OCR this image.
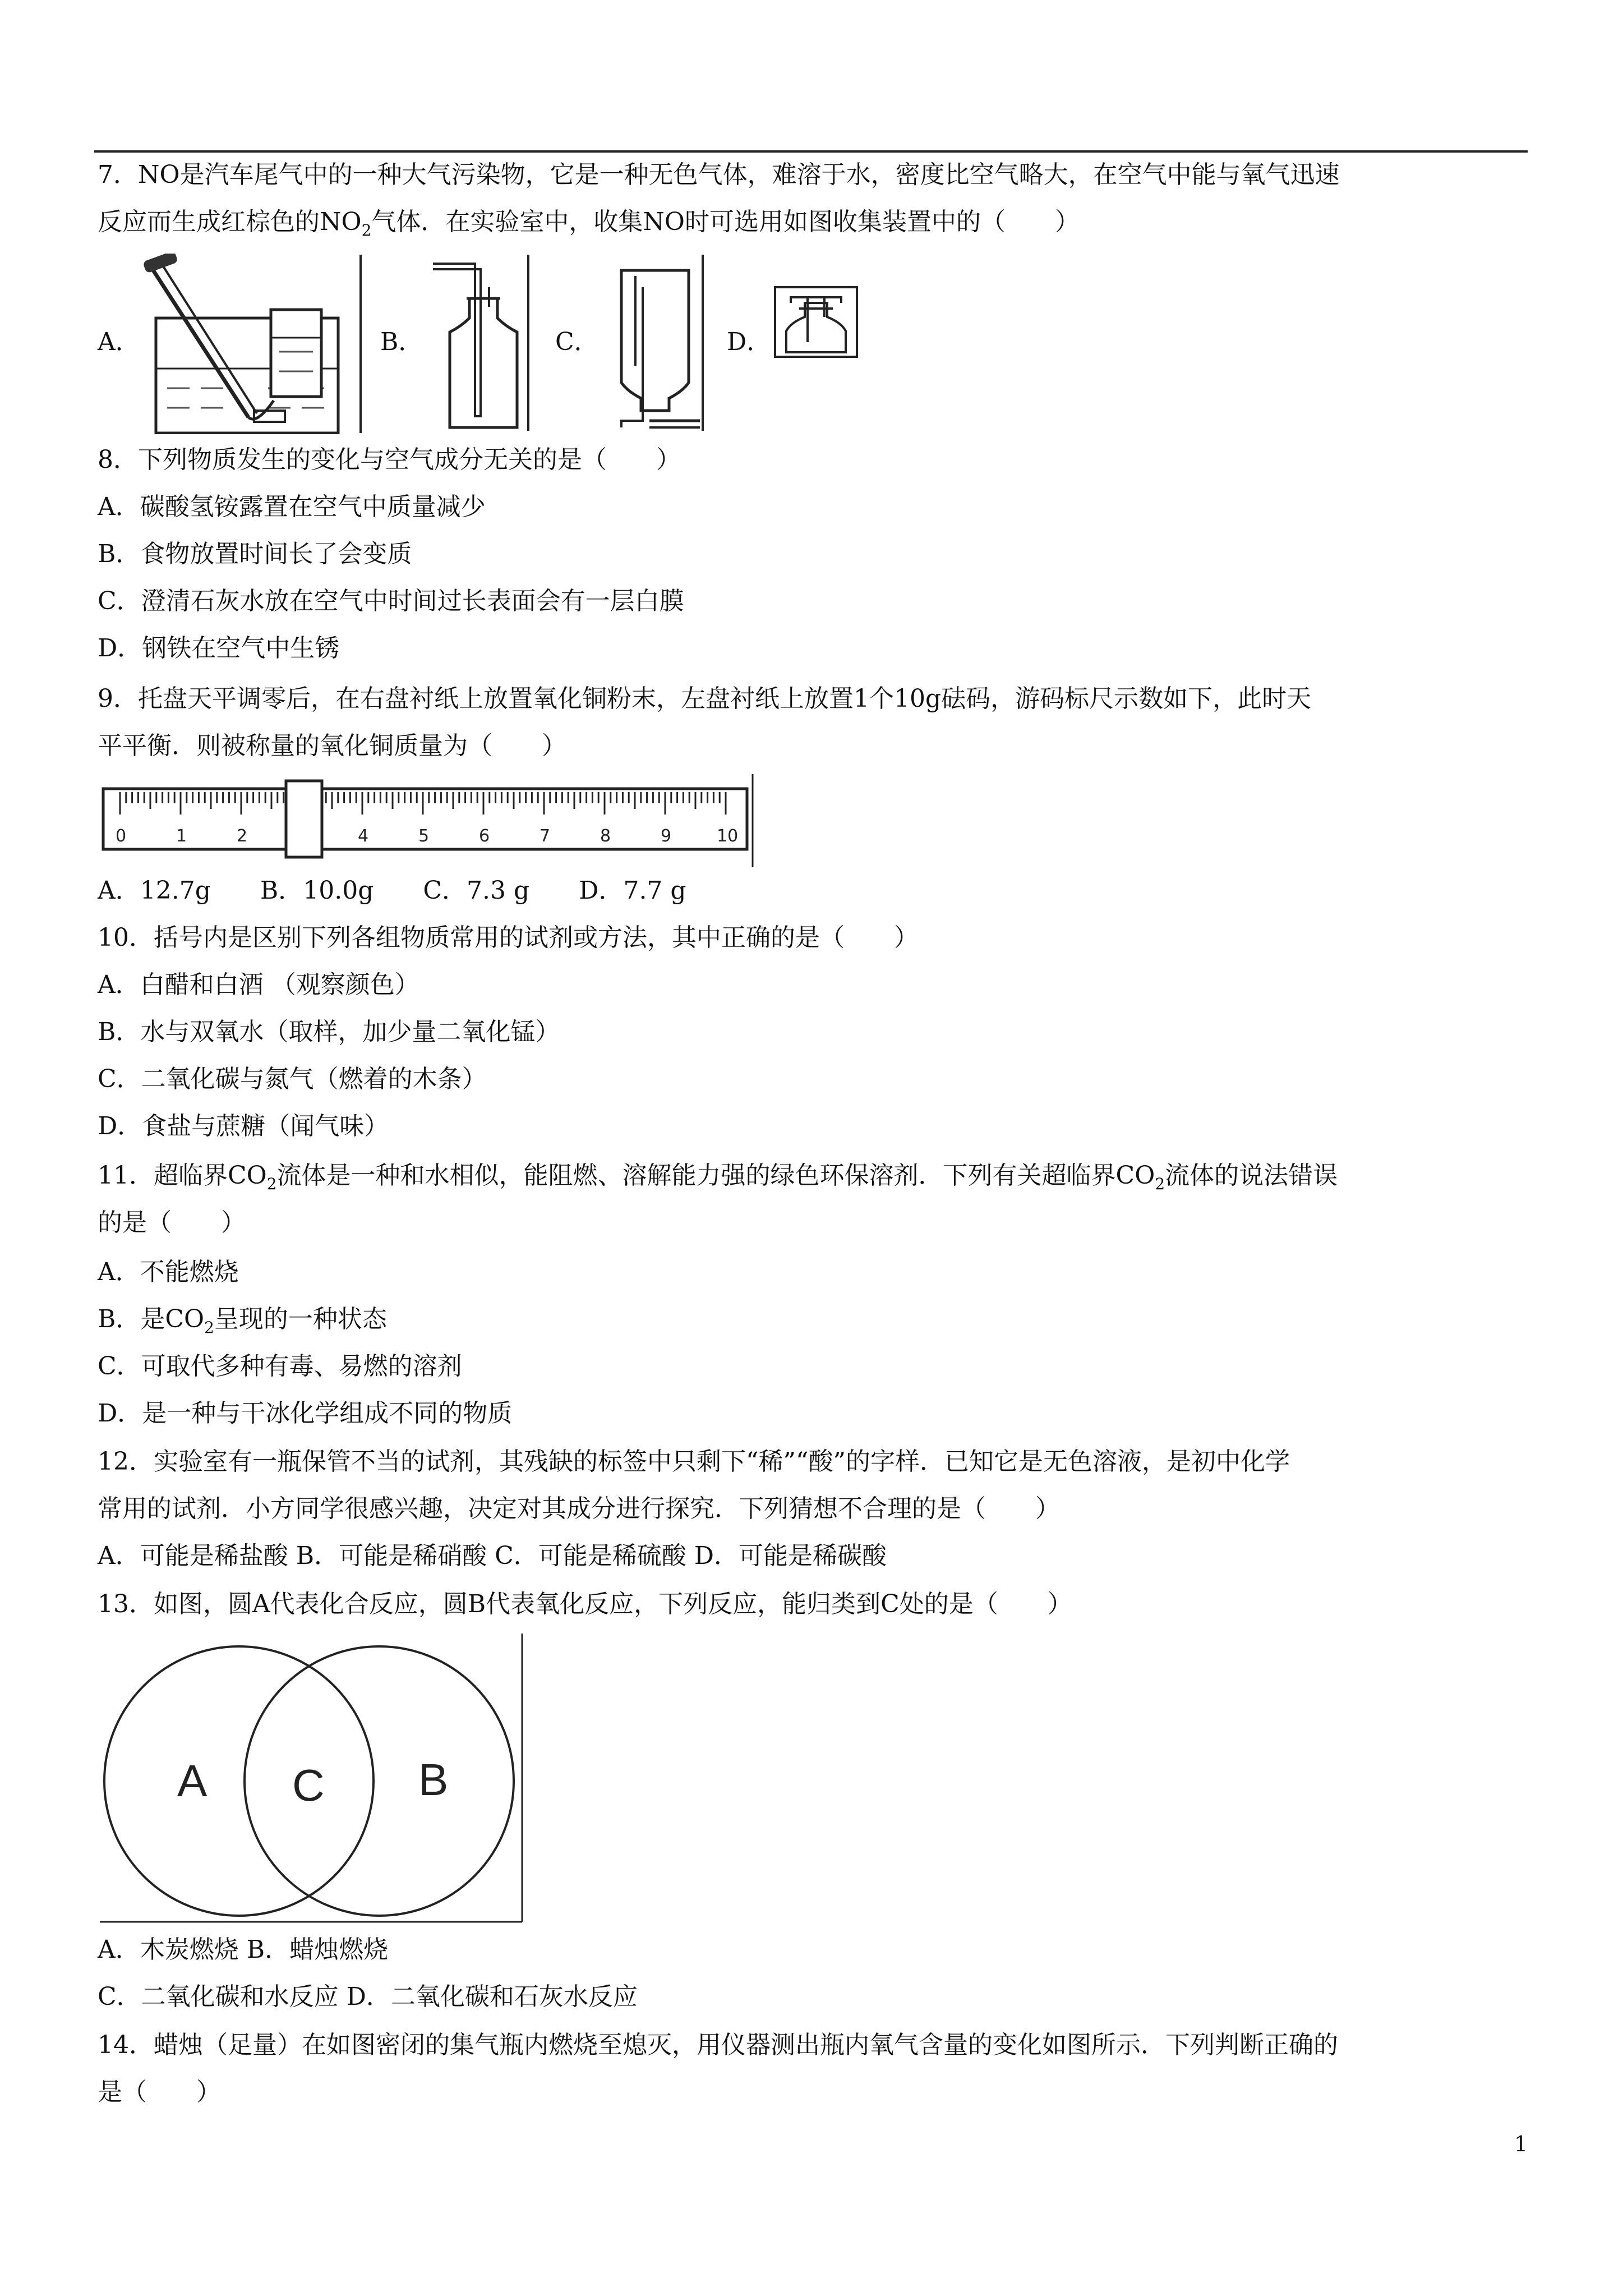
7．NO是汽车尾气中的一种大气污染物，它是一种无色气体，难溶于水，密度比空气略大，在空气中能与氧气迅速
反应而生成红棕色的$NO_2$气体．在实验室中，收集NO时可选用如图收集装置中的（　　）
A．	B．	C．	D．
8．下列物质发生的变化与空气成分无关的是（　　）
A．碳酸氢铵露置在空气中质量减少
B．食物放置时间长了会变质
C．澄清石灰水放在空气中时间过长表面会有一层白膜
D．钢铁在空气中生锈
9．托盘天平调零后，在右盘衬纸上放置氧化铜粉末，左盘衬纸上放置1个10g砝码，游码标尺示数如下，此时天
平平衡．则被称量的氧化铜质量为（　　）
0	1	2	4	5	6	7	8	9	10
A．12.7g　　B．10.0g　　C．7.3 g　　D．7.7 g
10．括号内是区别下列各组物质常用的试剂或方法，其中正确的是（　　）
A．白醋和白酒 （观察颜色）
B．水与双氧水（取样，加少量二氧化锰）
C．二氧化碳与氮气（燃着的木条）
D．食盐与蔗糖（闻气味）
11．超临界$CO_2$流体是一种和水相似，能阻燃、溶解能力强的绿色环保溶剂．下列有关超临界$CO_2$流体的说法错误
的是（　　）
A．不能燃烧
B．是$CO_2$呈现的一种状态
C．可取代多种有毒、易燃的溶剂
D．是一种与干冰化学组成不同的物质
12．实验室有一瓶保管不当的试剂，其残缺的标签中只剩下“稀”“酸”的字样．已知它是无色溶液，是初中化学
常用的试剂．小方同学很感兴趣，决定对其成分进行探究．下列猜想不合理的是（　　）
A．可能是稀盐酸 B．可能是稀硝酸 C．可能是稀硫酸 D．可能是稀碳酸
13．如图，圆A代表化合反应，圆B代表氧化反应，下列反应，能归类到C处的是（　　）
A C B
A．木炭燃烧 B．蜡烛燃烧
C．二氧化碳和水反应 D．二氧化碳和石灰水反应
14．蜡烛（足量）在如图密闭的集气瓶内燃烧至熄灭，用仪器测出瓶内氧气含量的变化如图所示．下列判断正确的
是（　　）
1
